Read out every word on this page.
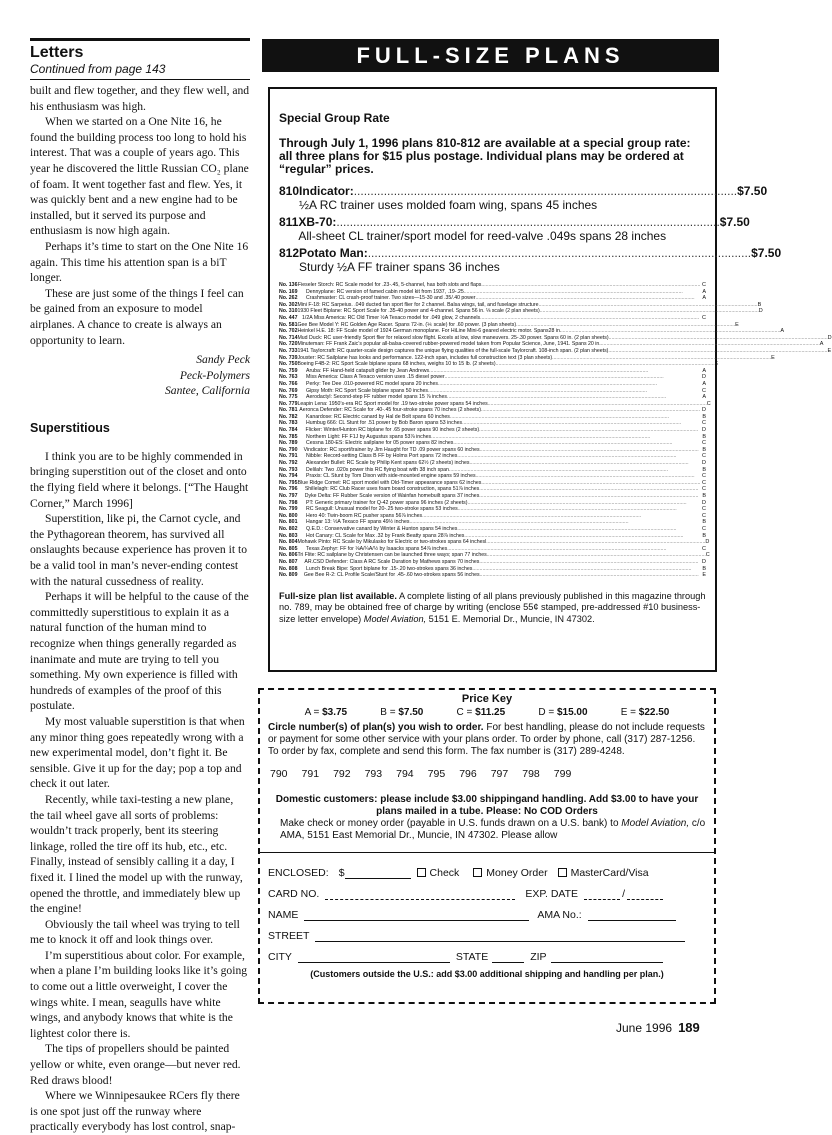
Letters
Continued from page 143

built and flew together, and they flew well, and his enthusiasm was high.

When we started on a One Nite 16, he found the building process too long to hold his interest. That was a couple of years ago. This year he discovered the little Russian CO₂ plane of foam. It went together fast and flew. Yes, it was quickly bent and a new engine had to be installed, but it served its purpose and enthusiasm is now high again.

Perhaps it’s time to start on the One Nite 16 again. This time his attention span is a biT longer.

These are just some of the things I feel can be gained from an exposure to model airplanes. A chance to create is always an opportunity to learn.

Sandy Peck
Peck-Polymers
Santee, California
Superstitious

I think you are to be highly commended in bringing superstition out of the closet and onto the flying field where it belongs. [“The Haught Corner,” March 1996]

Superstition, like pi, the Carnot cycle, and the Pythagorean theorem, has survived all onslaughts because experience has proven it to be a valid tool in man’s never-ending contest with the natural cussedness of reality.

Perhaps it will be helpful to the cause of the committedly superstitious to explain it as a natural function of the human mind to recognize when things generally regarded as inanimate and mute are trying to tell you something. My own experience is filled with hundreds of examples of the proof of this postulate.

My most valuable superstition is that when any minor thing goes repeatedly wrong with a new experimental model, don’t fight it. Be sensible. Give it up for the day; pop a top and check it out later.

Recently, while taxi-testing a new plane, the tail wheel gave all sorts of problems: wouldn’t track properly, bent its steering linkage, rolled the tire off its hub, etc., etc. Finally, instead of sensibly calling it a day, I fixed it. I lined the model up with the runway, opened the throttle, and immediately blew up the engine!

Obviously the tail wheel was trying to tell me to knock it off and look things over.

I’m superstitious about color. For example, when a plane I’m building looks like it’s going to come out a little overweight, I cover the wings white. I mean, seagulls have white wings, and anybody knows that white is the lightest color there is.

The tips of propellers should be painted yellow or white, even orange—but never red. Red draws blood!

Where we Winnipesaukee RCers fly there is one spot just off the runway where practically everybody has lost control, snap-

FULL-SIZE PLANS
Special Group Rate
Through July 1, 1996 plans 810-812 are available at a special group rate: all three plans for $15 plus postage. Individual plans may be ordered at “regular” prices.
810 Indicator: .....	$7.50
½A RC trainer uses molded foam wing, spans 45 inches
811 XB-70: .....	$7.50
All-sheet CL trainer/sport model for reed-valve .049s spans 28 inches
812 Potato Man: .....	$7.50
Sturdy ½A FF trainer spans 36 inches
No. 136 Fieseler Storch: RC Scale model for .23-.45, 5-channel, has both slots and flaps .....	C
No. 169	Dennyplane: RC version of famed cabin model kit from 1937, .19-.25 .....	A
No. 262	Crashmaster: CL crash-proof trainer. Two sizes—15-30 and .35/.40 power .....	A
No. 302 Mini F-18: RC Sarpeius. .049 ducted fan sport flier for 2 channel. Balsa wings, tail, and fuselage structure .....	B
No. 310 1930 Fleet Biplane: RC Sport Scale for .35-40 power and 4-channel. Spans 56 in. ⅛ scale (2 plan sheets) .....	D
No. 447 1/2A Miss America: RC Old Timer ½A Texaco model for .049 glow, 2 channels .....	C
No. 581 Gee Bee Model Y: RC Golden Age Racer. Spans 72-in. (⅙ scale) for .60 power. (3 plan sheets) .....	E
No. 702 Heinkel H.E. 18: FF Scale model of 1924 German monoplane. For HiLine Mini-6 geared electric motor. Spans28 in. .....	A
No. 714 Mud Duck: RC user-friendly Sport flier for relaxed slow flight. Excels at low, slow maneuvers. 25-.30 power. Spans 60 in. (2 plan sheets) .....	D
No. 720 Minuteman: FF Frank Zaic’s popular all-balsa-covered rubber-powered model taken from Popular Science, June, 1941. Spans 20 in. .....	A
No. 733 1941 Taylorcraft: RC quarter-scale design captures the unique flying qualities of the full-scale Taylorcraft. 108-inch span. (2 plan sheets) .....	E
No. 739 Jouster: RC Sailplane has looks and performance. 122-inch span, includes full construction text (3 plan sheets) .....	E
No. 750 Boeing F4B-2: RC Sport Scale biplane spans 68 inches, weighs 10 to 15 lb. (2 sheets) .....	E
No. 759	Aruba: FF Hand-held catapult glider by Jean Andrews .....	A
No. 763	Miss America: Class A Texaco version uses .15 diesel power .....	D
No. 766	Perky: Tee Dee .010-powered RC model spans 20 inches .....	A
No. 769	Gipsy Moth: RC Sport Scale biplane spans 50 inches .....	C
No. 775	Aerodactyl: Second-step FF rubber model spans 15 ⅞ inches .....	A
No. 779 Leapin Lena: 1950’s-era RC Sport model for .19 two-stroke power spans 54 inches .....	C
No. 781 Aeronca Defender: RC Scale for .40-.45 four-stroke spans 70 inches (2 sheets) .....	D
No. 782	Kanardose: RC Electric canard by Hal de Bolt spans 60 inches .....	B
No. 783	Humbug 666: CL Stunt for .51 power by Bob Baron spans 53 inches .....	C
No. 784	Flicker: Winter/Hunton RC biplane for .65 power spans 90 inches (2 sheets) .....	D
No. 785	Northern Light: FF F1J by Augustus spans 53⅞ inches .....	B
No. 789	Cessna 180-ES: Electric sailplane for 05 power spans 82 inches .....	C
No. 790	Vindicator: RC sport/trainer by Jim Haught for TD .09 power spans 60 inches .....	B
No. 791	Nibble: Record-setting Class B FF by Holms Port spans 72 inches .....	C
No. 792	Alexander Bullet: RC Scale by Philip Kent spans 62½ (2 sheets) inches .....	D
No. 793	Delilah: Two .020s power this RC flying boat with 38 inch span .....	B
No. 794	Praxis: CL Stunt by Tom Dixon with side-mounted engine spans 59 inches .....	C
No. 795 Blue Ridge Comet: RC sport model with Old-Timer appearance spans 62 inches .....	C
No. 796	Shillelagh: RC Club Racer uses foam board construction, spans 51⅞ inches .....	C
No. 797	Dyke Delta: FF Rubber Scale version of Wainfan homebuilt spans 37 inches .....	B
No. 798	PT: Generic primary trainer for Q-42 power spans 96 inches (2 sheets) .....	D
No. 799	RC Seagull: Unusual model for 20-.25 two-stroke spans 53 inches .....	C
No. 800	Hero 40: Twin-boom RC pusher spans 56⅞ inches .....	C
No. 801	Hangar 13: ½A Texaco FF spans 49½ inches .....	B
No. 802	Q.E.D.: Conservative canard by Winter & Hunton spans 54 inches .....	C
No. 803	Hot Canary: CL Scale for Max .32 by Frank Beatty spans 28⅞ inches .....	B
No. 804 Mohawk Pinto: RC Scale by Mikulasko for Electric or two-strokes spans 64 inchesl .....	D
No. 805	Texas Zephyr: FF for ⅛A/¼A/½ by Isaacks spans 54⅞ inches .....	C
No. 806 Tri Flite: RC sailplane by Christensen can be launched three ways; span 77 inches .....	C
No. 807	AR.CSD Defender: Class A RC Scale Duration by Mathews spans 70 inches .....	D
No. 808	Lunch Break Bipe: Sport biplane for .15-.20 two-strokes spans 36 inches .....	B
No. 809	Gee Bee R-2: CL Profile Scale/Stunt for .45-.60 two-strokes spans 56 inches .....	E
Full-size plan list available. A complete listing of all plans previously published in this magazine through no. 789, may be obtained free of charge by writing (enclose 55¢ stamped, pre-addressed #10 business-size letter envelope) Model Aviation, 5151 E. Memorial Dr., Muncie, IN 47302.
Price Key
A = $3.75	B = $7.50	C = $11.25	D = $15.00	E = $22.50
Circle number(s) of plan(s) you wish to order. For best handling, please do not include requests or payment for some other service with your plans order. To order by phone, call (317) 287-1256. To order by fax, complete and send this form. The fax number is (317) 289-4248.
790 791 792 793 794 795 796 797 798 799
Domestic customers: please include $3.00 shippingand handling. Add $3.00 to have your plans mailed in a tube. Please: No COD Orders
Make check or money order (payable in U.S. funds drawn on a U.S. bank) to Model Aviation, c/o AMA, 5151 East Memorial Dr., Muncie, IN 47302. Please allow
ENCLOSED: $	Check	Money Order	MasterCard/Visa
CARD NO.	EXP. DATE	/
NAME	AMA No.:
STREET
CITY	STATE	ZIP
(Customers outside the U.S.: add $3.00 additional shipping and handling per plan.)
June 1996 189
